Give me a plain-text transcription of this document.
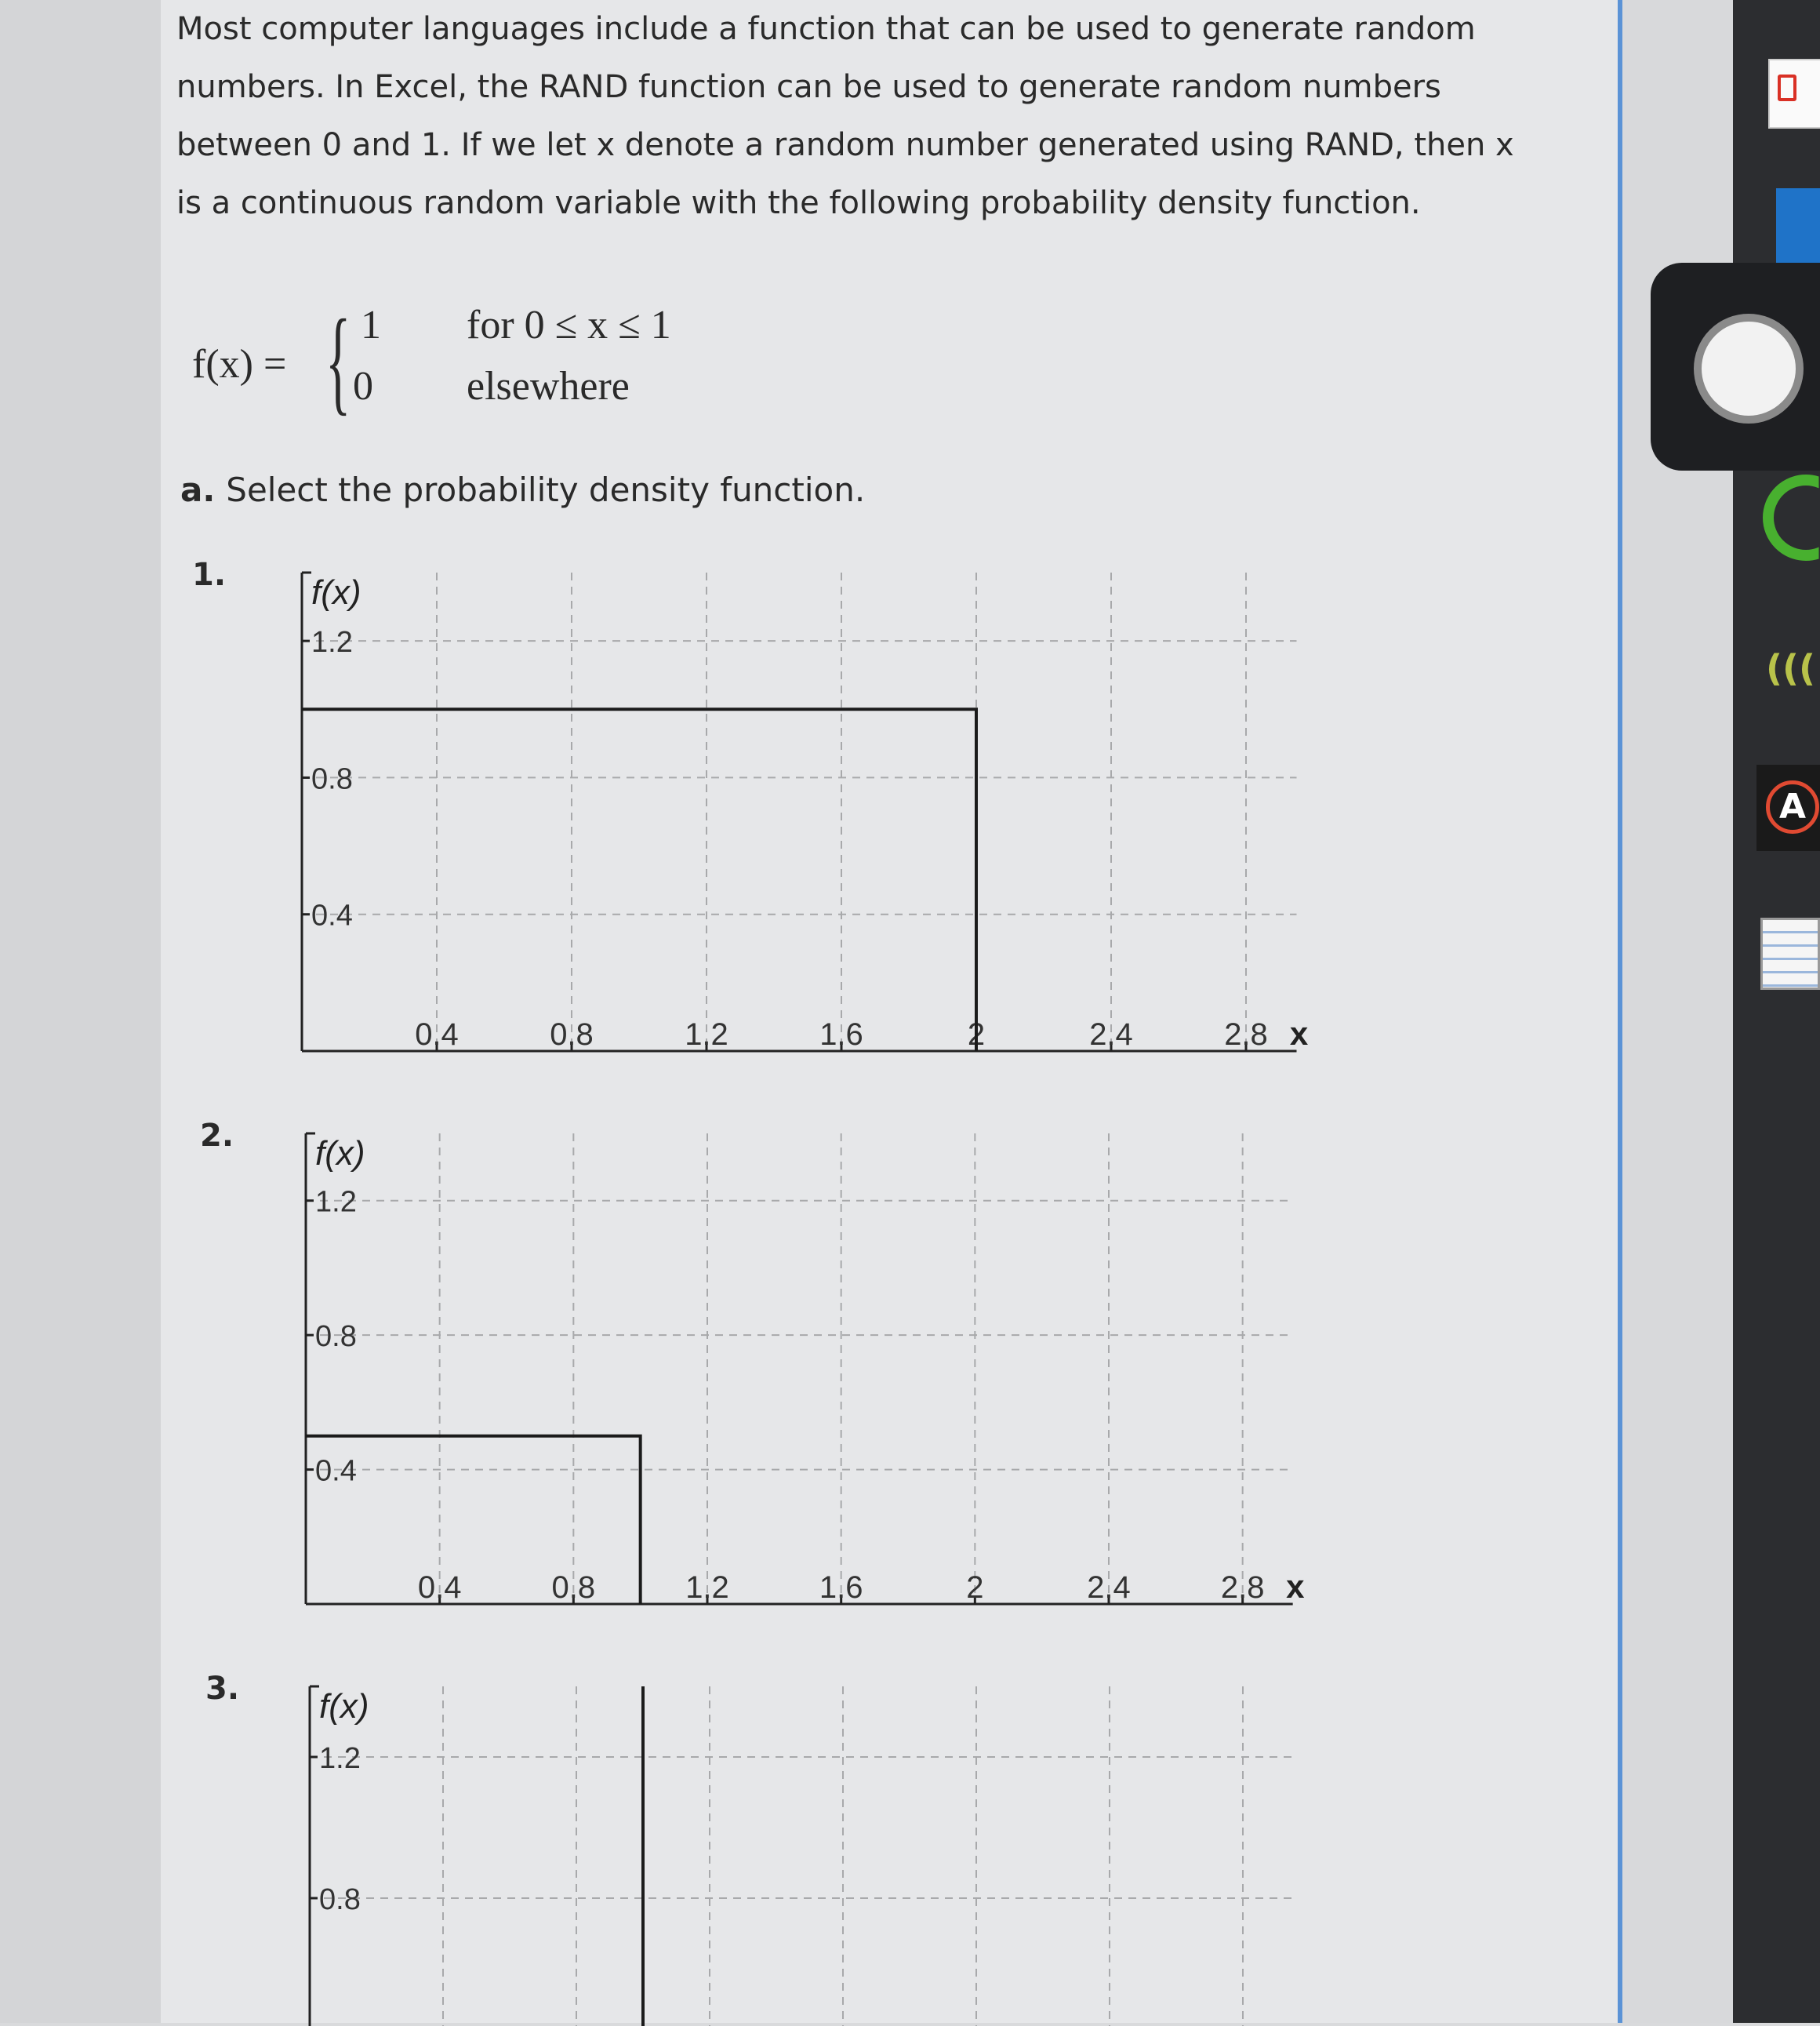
Most computer languages include a function that can be used to generate random
numbers. In Excel, the RAND function can be used to generate random numbers
between 0 and 1. If we let x denote a random number generated using RAND, then x
is a continuous random variable with the following probability density function.
f(x) = { 1 for 0 ≤ x ≤ 1
0 elsewhere
a. Select the probability density function.
1.
2.
3.
f(x)
1.2
0.8
0.4
0.4	0.8	1.2	1.6	2	2.4	2.8 x
f(x)
1.2
0.8
0.4
0.4	0.8	1.2	1.6	2	2.4	2.8 x
f(x)
1.2
0.8
(((
A
